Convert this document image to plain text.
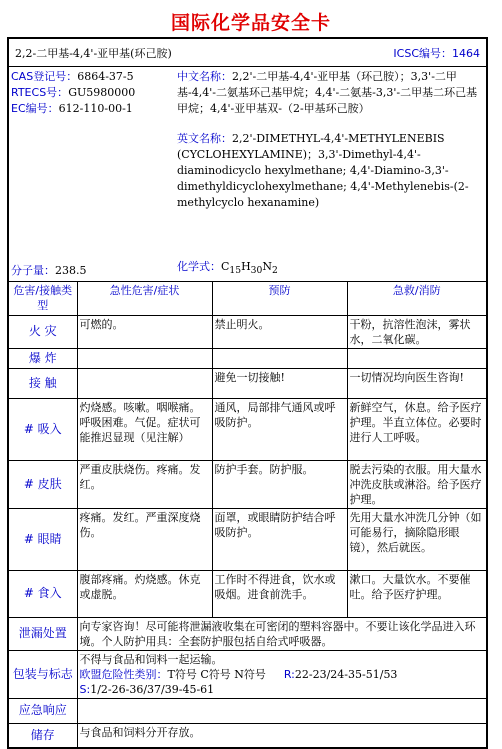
国际化学品安全卡
2,2-二甲基-4,4'-亚甲基(环己胺)	ICSC编号：1464

CAS登记号：6864-37-5

RTECS号：GU5980000

EC编号：612-110-00-1

分子量：238.5

中文名称：2,2'-二甲基-4,4'-亚甲基（环己胺）；3,3'-二甲基-4,4'-二氨基环己基甲烷；4,4'-二氨基-3,3'-二甲基二环己基甲烷；4,4'-亚甲基双-（2-甲基环己胺）

英文名称：2,2'-DIMETHYL-4,4'-METHYLENEBIS (CYCLOHEXYLAMINE)；3,3'-Dimethyl-4,4'-diaminodicyclo hexylmethane; 4,4'-Diamino-3,3'-dimethyldicyclohexylmethane; 4,4'-Methylenebis-(2-methylcyclo hexanamine)

化学式：$C_{15}H_{30}N_2$
危害/接触类型	急性危害/症状	预防	急救/消防
火 灾	可燃的。	禁止明火。	干粉，抗溶性泡沫，雾状水，二氧化碳。
爆 炸			
接 触		避免一切接触!	一切情况均向医生咨询!
# 吸入	灼烧感。咳嗽。咽喉痛。呼吸困难。气促。症状可能推迟显现（见注解）	通风，局部排气通风或呼吸防护。	新鲜空气，休息。给予医疗护理。半直立体位。必要时进行人工呼吸。
# 皮肤	严重皮肤烧伤。疼痛。发红。	防护手套。防护服。	脱去污染的衣服。用大量水冲洗皮肤或淋浴。给予医疗护理。
# 眼睛	疼痛。发红。严重深度烧伤。	面罩，或眼睛防护结合呼吸防护。	先用大量水冲洗几分钟（如可能易行，摘除隐形眼镜），然后就医。
# 食入	腹部疼痛。灼烧感。休克或虚脱。	工作时不得进食，饮水或吸烟。进食前洗手。	漱口。大量饮水。不要催吐。给予医疗护理。
泄漏处置	向专家咨询！尽可能将泄漏液收集在可密闭的塑料容器中。不要让该化学品进入环境。个人防护用具：全套防护服包括自给式呼吸器。		
包装与标志	不得与食品和饲料一起运输。
欧盟危险性类别：T符号 C符号 N符号 R:22-23/24-35-51/53
S:1/2-26-36/37/39-45-61		

应急响应			
储存	与食品和饲料分开存放。		
